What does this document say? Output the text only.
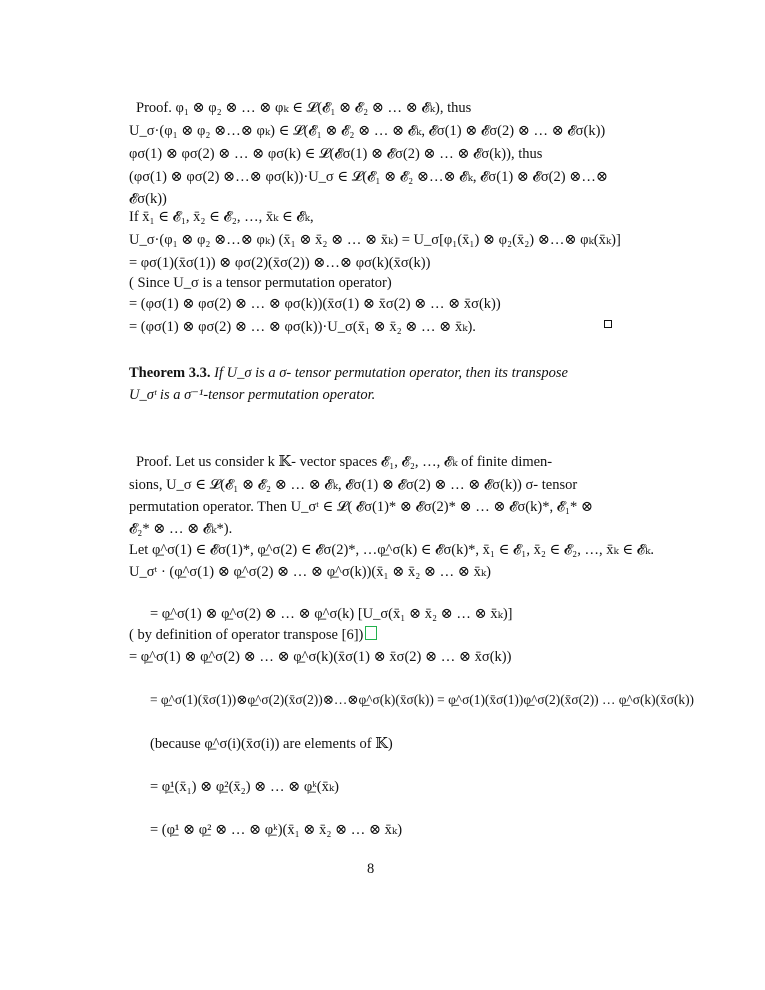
Proof. φ₁ ⊗ φ₂ ⊗ … ⊗ φₖ ∈ 𝓛(𝓔₁ ⊗ 𝓔₂ ⊗ … ⊗ 𝓔ₖ), thus
U_σ·(φ₁ ⊗ φ₂ ⊗…⊗ φₖ) ∈ 𝓛(𝓔₁ ⊗ 𝓔₂ ⊗ … ⊗ 𝓔ₖ, 𝓔σ(1) ⊗ 𝓔σ(2) ⊗ … ⊗ 𝓔σ(k))
φσ(1) ⊗ φσ(2) ⊗ … ⊗ φσ(k) ∈ 𝓛(𝓔σ(1) ⊗ 𝓔σ(2) ⊗ … ⊗ 𝓔σ(k)), thus
(φσ(1) ⊗ φσ(2) ⊗…⊗ φσ(k))·U_σ ∈ 𝓛(𝓔₁ ⊗ 𝓔₂ ⊗…⊗ 𝓔ₖ, 𝓔σ(1) ⊗ 𝓔σ(2) ⊗…⊗
𝓔σ(k))
If x̄₁ ∈ 𝓔₁, x̄₂ ∈ 𝓔₂, …, x̄ₖ ∈ 𝓔ₖ,
U_σ·(φ₁ ⊗ φ₂ ⊗…⊗ φₖ) (x̄₁ ⊗ x̄₂ ⊗ … ⊗ x̄ₖ) = U_σ[φ₁(x̄₁) ⊗ φ₂(x̄₂) ⊗…⊗ φₖ(x̄ₖ)]
= φσ(1)(x̄σ(1)) ⊗ φσ(2)(x̄σ(2)) ⊗…⊗ φσ(k)(x̄σ(k))
( Since U_σ is a tensor permutation operator)
= (φσ(1) ⊗ φσ(2) ⊗ … ⊗ φσ(k))(x̄σ(1) ⊗ x̄σ(2) ⊗ … ⊗ x̄σ(k))
= (φσ(1) ⊗ φσ(2) ⊗ … ⊗ φσ(k))·U_σ(x̄₁ ⊗ x̄₂ ⊗ … ⊗ x̄ₖ).
Theorem 3.3. If U_σ is a σ- tensor permutation operator, then its transpose
U_σᵗ is a σ⁻¹-tensor permutation operator.
Proof. Let us consider k 𝕂- vector spaces 𝓔₁, 𝓔₂, …, 𝓔ₖ of finite dimen-
sions, U_σ ∈ 𝓛(𝓔₁ ⊗ 𝓔₂ ⊗ … ⊗ 𝓔ₖ, 𝓔σ(1) ⊗ 𝓔σ(2) ⊗ … ⊗ 𝓔σ(k)) σ- tensor
permutation operator. Then U_σᵗ ∈ 𝓛( 𝓔σ(1)* ⊗ 𝓔σ(2)* ⊗ … ⊗ 𝓔σ(k)*, 𝓔₁* ⊗
𝓔₂* ⊗ … ⊗ 𝓔ₖ*).
Let φ̲^σ(1) ∈ 𝓔σ(1)*, φ̲^σ(2) ∈ 𝓔σ(2)*, …φ̲^σ(k) ∈ 𝓔σ(k)*, x̄₁ ∈ 𝓔₁, x̄₂ ∈ 𝓔₂, …, x̄ₖ ∈ 𝓔ₖ.
U_σᵗ · (φ̲^σ(1) ⊗ φ̲^σ(2) ⊗ … ⊗ φ̲^σ(k))(x̄₁ ⊗ x̄₂ ⊗ … ⊗ x̄ₖ)
= φ̲^σ(1) ⊗ φ̲^σ(2) ⊗ … ⊗ φ̲^σ(k) [U_σ(x̄₁ ⊗ x̄₂ ⊗ … ⊗ x̄ₖ)]
( by definition of operator transpose [6])
= φ̲^σ(1) ⊗ φ̲^σ(2) ⊗ … ⊗ φ̲^σ(k)(x̄σ(1) ⊗ x̄σ(2) ⊗ … ⊗ x̄σ(k))
= φ̲^σ(1)(x̄σ(1))⊗φ̲^σ(2)(x̄σ(2))⊗…⊗φ̲^σ(k)(x̄σ(k)) = φ̲^σ(1)(x̄σ(1))φ̲^σ(2)(x̄σ(2)) … φ̲^σ(k)(x̄σ(k))
(because φ̲^σ(i)(x̄σ(i)) are elements of 𝕂)
= φ̲¹(x̄₁) ⊗ φ̲²(x̄₂) ⊗ … ⊗ φ̲ᵏ(x̄ₖ)
= (φ̲¹ ⊗ φ̲² ⊗ … ⊗ φ̲ᵏ)(x̄₁ ⊗ x̄₂ ⊗ … ⊗ x̄ₖ)
8
